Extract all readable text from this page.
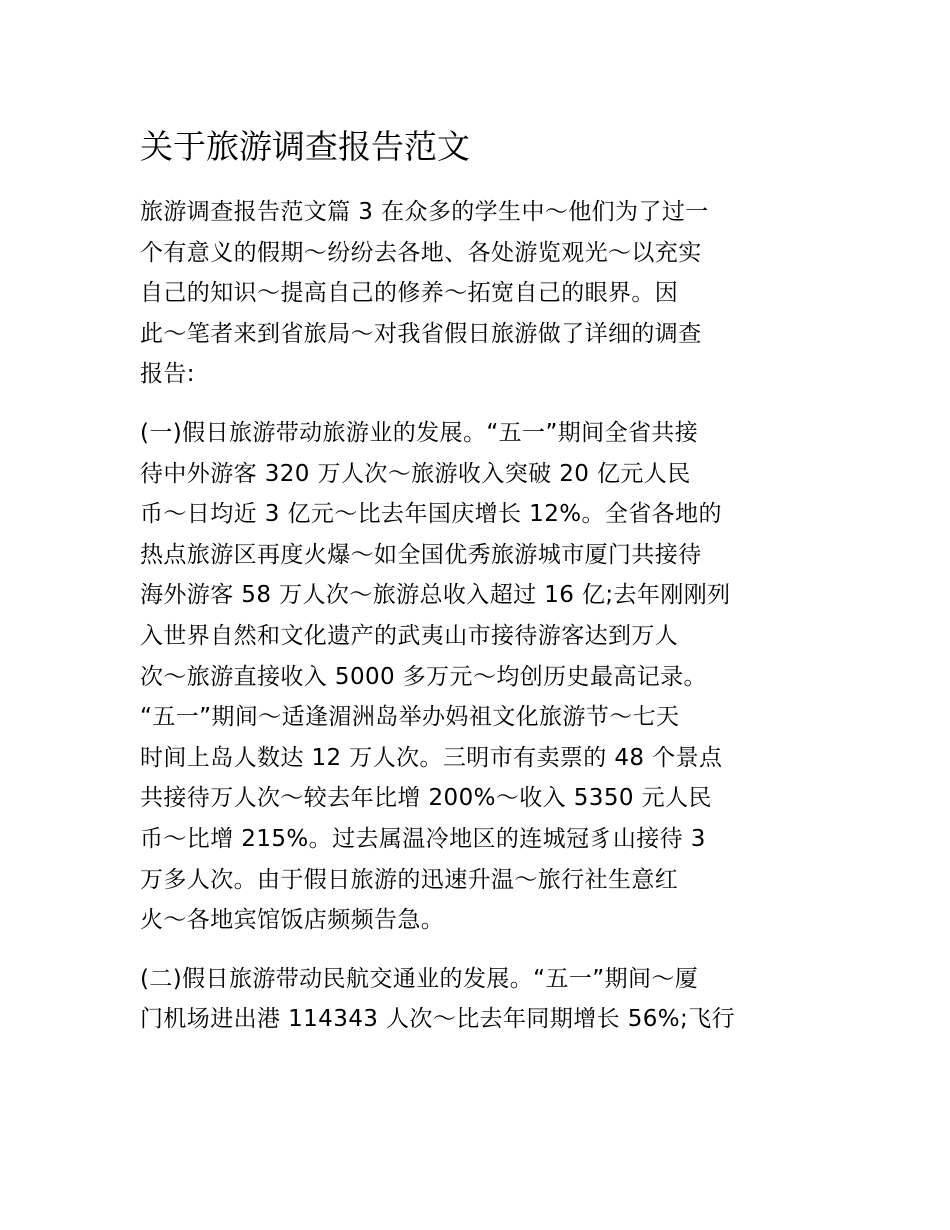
关于旅游调查报告范文
旅游调查报告范文篇 3 在众多的学生中～他们为了过一
个有意义的假期～纷纷去各地、各处游览观光～以充实
自己的知识～提高自己的修养～拓宽自己的眼界。因
此～笔者来到省旅局～对我省假日旅游做了详细的调查
报告:
(一)假日旅游带动旅游业的发展。“五一”期间全省共接
待中外游客 320 万人次～旅游收入突破 20 亿元人民
币～日均近 3 亿元～比去年国庆增长 12%。全省各地的
热点旅游区再度火爆～如全国优秀旅游城市厦门共接待
海外游客 58 万人次～旅游总收入超过 16 亿;去年刚刚列
入世界自然和文化遗产的武夷山市接待游客达到万人
次～旅游直接收入 5000 多万元～均创历史最高记录。
“五一”期间～适逢湄洲岛举办妈祖文化旅游节～七天
时间上岛人数达 12 万人次。三明市有卖票的 48 个景点
共接待万人次～较去年比增 200%～收入 5350 元人民
币～比增 215%。过去属温冷地区的连城冠豸山接待 3
万多人次。由于假日旅游的迅速升温～旅行社生意红
火～各地宾馆饭店频频告急。
(二)假日旅游带动民航交通业的发展。“五一”期间～厦
门机场进出港 114343 人次～比去年同期增长 56%;飞行
